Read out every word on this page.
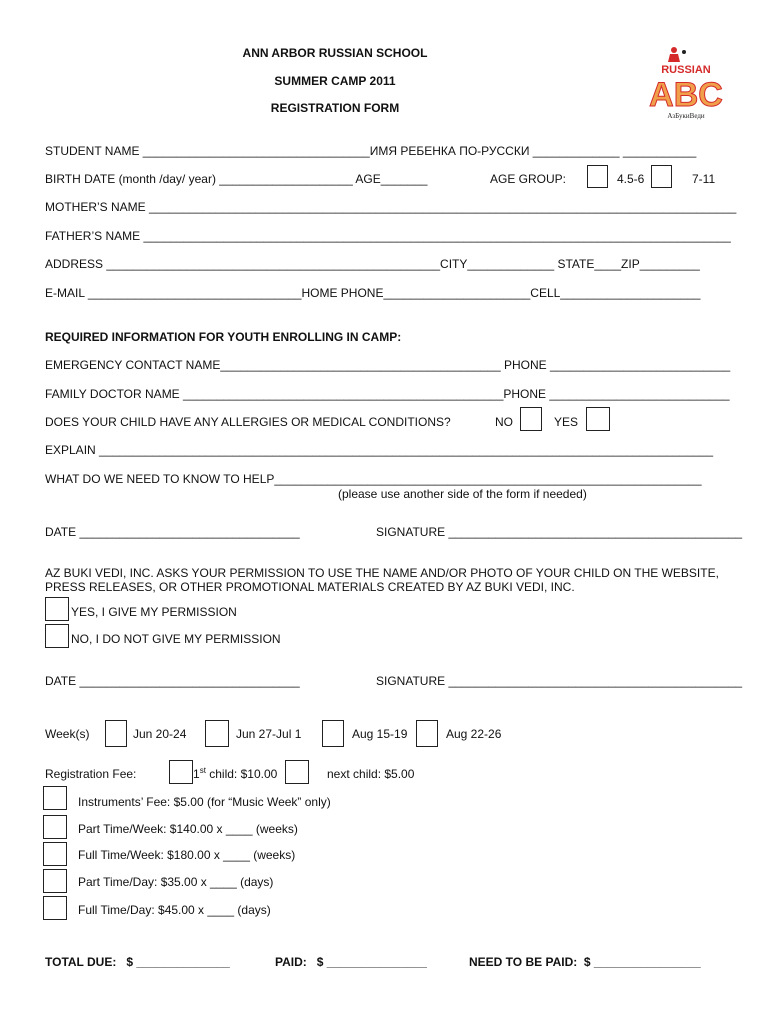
ANN ARBOR RUSSIAN SCHOOL
SUMMER CAMP 2011
REGISTRATION FORM
RUSSIAN
ABC
АзБукиВеди
STUDENT NAME __________________________________ИМЯ РЕБЕНКА ПО-РУССКИ _____________ ___________
BIRTH DATE (month /day/ year) ____________________ AGE_______	AGE GROUP:	4.5-6	7-11
MOTHER’S NAME ________________________________________________________________________________________
FATHER’S NAME ________________________________________________________________________________________
ADDRESS __________________________________________________CITY_____________ STATE____ZIP_________
E-MAIL ________________________________HOME PHONE______________________CELL_____________________
REQUIRED INFORMATION FOR YOUTH ENROLLING IN CAMP:
EMERGENCY CONTACT NAME__________________________________________ PHONE ___________________________
FAMILY DOCTOR NAME ________________________________________________PHONE ___________________________
DOES YOUR CHILD HAVE ANY ALLERGIES OR MEDICAL CONDITIONS?	NO	YES
EXPLAIN ____________________________________________________________________________________________
WHAT DO WE NEED TO KNOW TO HELP________________________________________________________________
(please use another side of the form if needed)
DATE _________________________________	SIGNATURE ____________________________________________
AZ BUKI VEDI, INC. ASKS YOUR PERMISSION TO USE THE NAME AND/OR PHOTO OF YOUR CHILD ON THE WEBSITE,
PRESS RELEASES, OR OTHER PROMOTIONAL MATERIALS CREATED BY AZ BUKI VEDI, INC.
YES, I GIVE MY PERMISSION
NO, I DO NOT GIVE MY PERMISSION
DATE _________________________________	SIGNATURE ____________________________________________
Week(s)	Jun 20-24	Jun 27-Jul 1	Aug 15-19	Aug 22-26
Registration Fee:	1st child: $10.00	next child: $5.00
Instruments’ Fee: $5.00 (for “Music Week” only)
Part Time/Week: $140.00 x ____ (weeks)
Full Time/Week: $180.00 x ____ (weeks)
Part Time/Day: $35.00 x ____ (days)
Full Time/Day: $45.00 x ____ (days)
TOTAL DUE:   $ ______________	PAID:   $ _______________	NEED TO BE PAID:  $ ________________
